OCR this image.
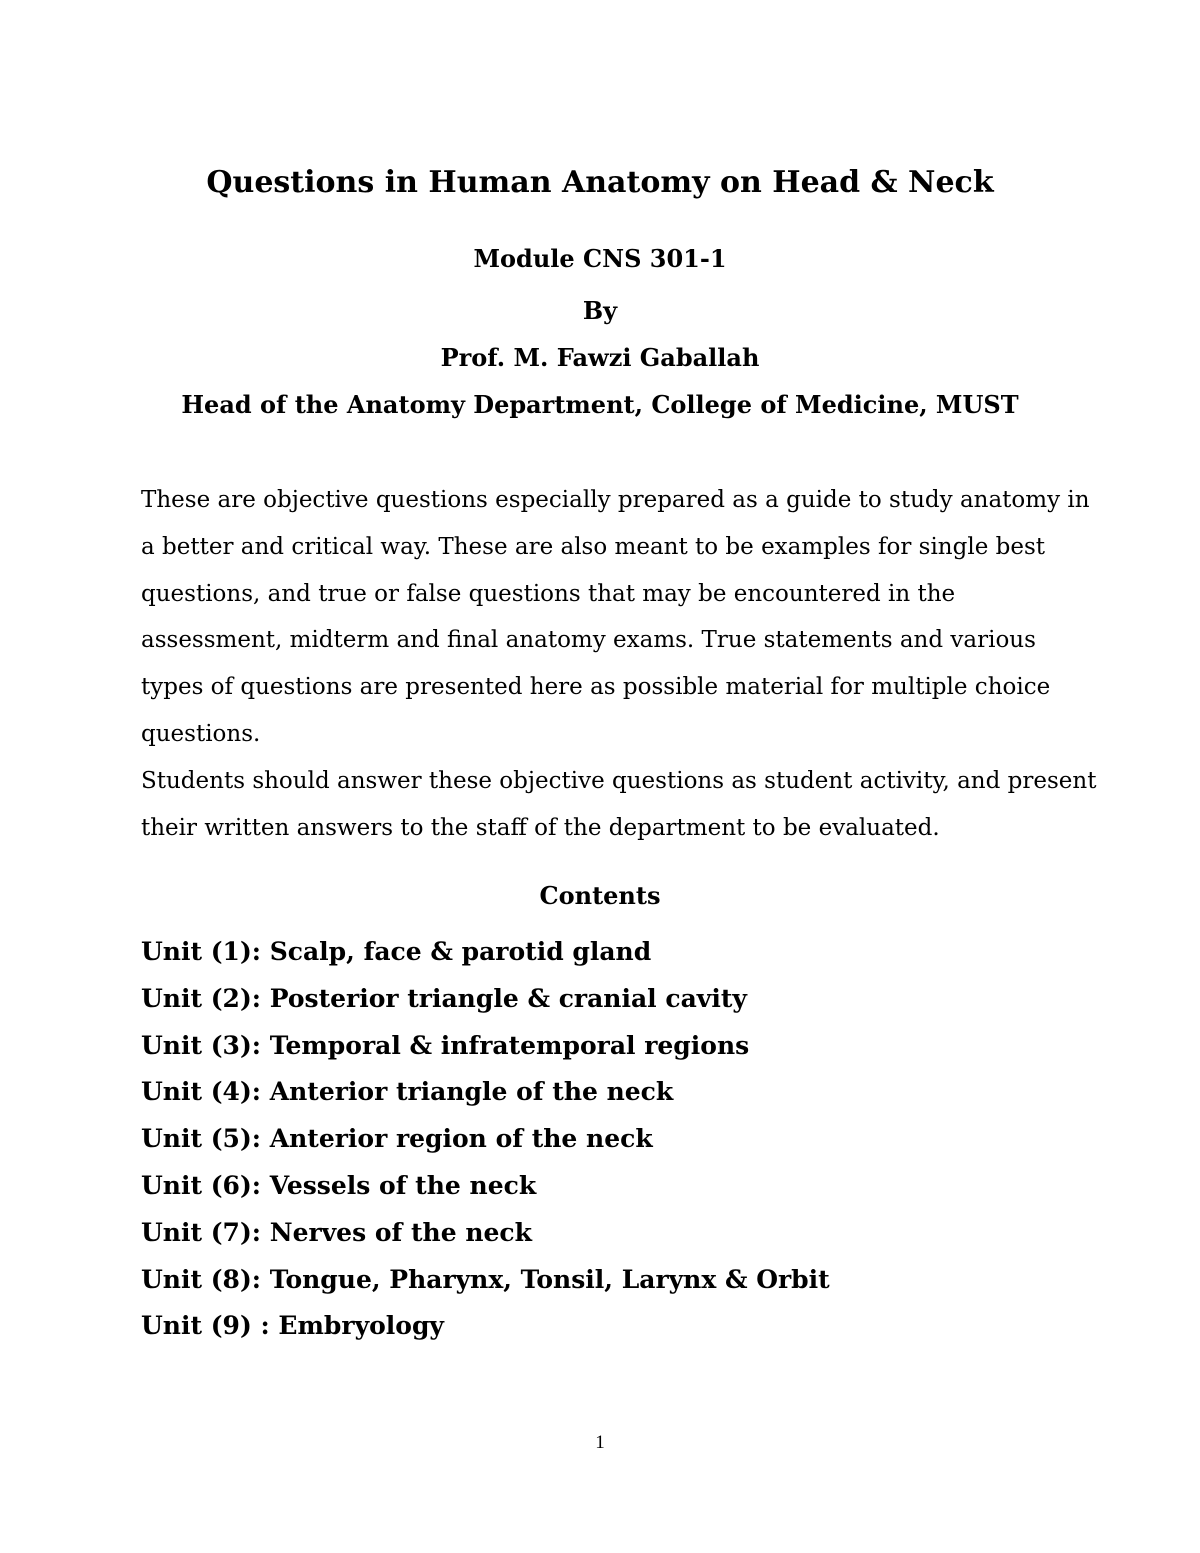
Questions in Human Anatomy on Head & Neck
Module CNS 301-1
By
Prof. M. Fawzi Gaballah
Head of the Anatomy Department, College of Medicine, MUST

These are objective questions especially prepared as a guide to study anatomy in a better and critical way. These are also meant to be examples for single best questions, and true or false questions that may be encountered in the assessment, midterm and final anatomy exams. True statements and various types of questions are presented here as possible material for multiple choice questions.

Students should answer these objective questions as student activity, and present their written answers to the staff of the department to be evaluated.

Contents
Unit (1): Scalp, face & parotid gland
Unit (2): Posterior triangle & cranial cavity
Unit (3): Temporal & infratemporal regions
Unit (4): Anterior triangle of the neck
Unit (5): Anterior region of the neck
Unit (6): Vessels of the neck
Unit (7): Nerves of the neck
Unit (8): Tongue, Pharynx, Tonsil, Larynx & Orbit
Unit (9) : Embryology
1
